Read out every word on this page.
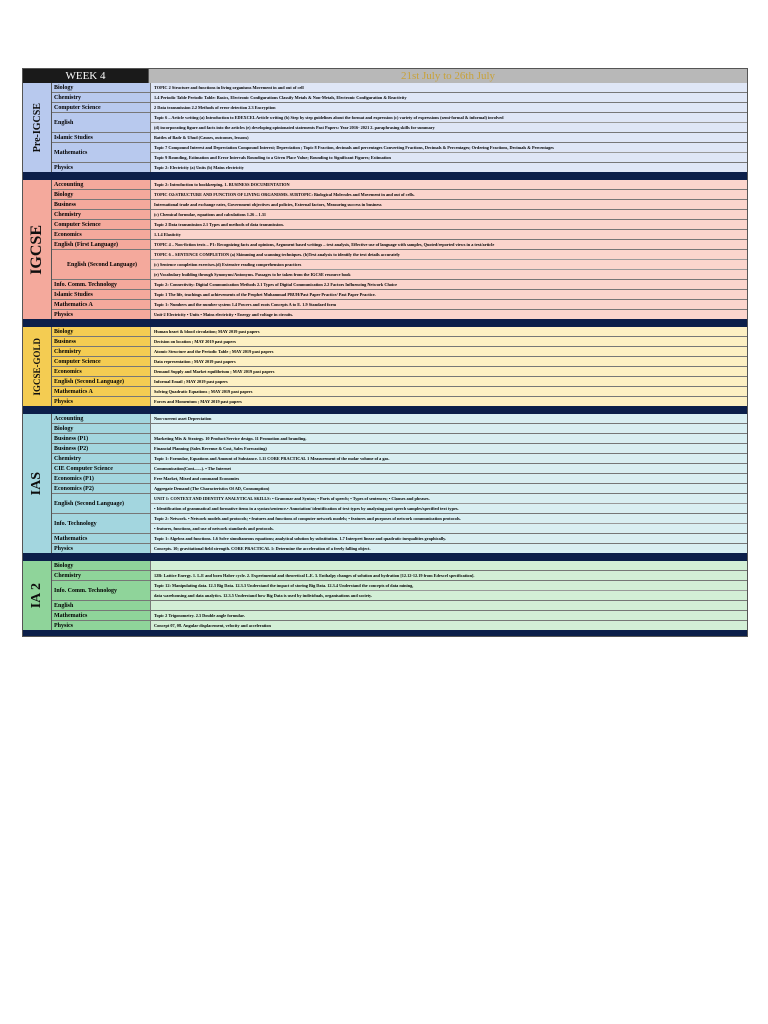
WEEK 4	21st July to 26th July
Pre-IGCSE
Biology	TOPIC 2 Structure and functions in living organisms Movement in and out of cell
Chemistry	1.4 Periodic Table Periodic Table: Basics, Electronic Configurations Classify Metals & Non-Metals, Electronic Configuration & Reactivity
Computer Science	2 Data transmission 2.2 Methods of error detection 2.3 Encryption
English
Topic 6 – Article writing (a) Introduction to EDEXCEL Article writing (b) Step by step guidelines about the format and expression (c) variety of expressions (semi-formal & informal) involved
(d) incorporating figure and facts into the articles (e) developing opinionated statements Past Papers: Year 2016- 2021 2. paraphrasing skills for summary
Islamic Studies	Battles of Badr & Uhud (Causes, outcomes, lessons)
Mathematics
Topic 7 Compound Interest and Depreciation Compound Interest; Depreciation ; Topic 8 Fraction, decimals and percentages Converting Fractions, Decimals & Percentages; Ordering Fractions, Decimals & Percentages
Topic 9 Rounding, Estimation and Error Intervals Rounding to a Given Place Value; Rounding to Significant Figures; Estimation
Physics	Topic 2: Electricity (a) Units (b) Mains electricity
IGCSE
Accounting	Topic 2: Introduction to bookkeeping. 1. BUSINESS DOCUMENTATION
Biology	TOPIC O2:STRUCTURE AND FUNCTION OF LIVING ORGANISMS. SUBTOPIC: Biological Molecules and Movement in and out of cells.
Business	International trade and exchange rates, Government objectives and policies, External factors, Measuring success in business
Chemistry	(c) Chemical formulae, equations and calculations 1.26 – 1.31
Computer Science	Topic 2 Data transmission 2.1 Types and methods of data transmission.
Economics	1.1.4 Elasticity
English (First Language)	TOPIC 4 – Non-fiction texts – P1: Recognizing facts and opinions, Argument based writings – text analysis, Effective use of language with samples, Quoted/reported views in a text/article
English (Second Language)
TOPIC 6 – SENTENCE COMPLETION (a) Skimming and scanning techniques. (b)Text analysis to identify the text details accurately
(c) Sentence completion exercises.(d) Extensive reading comprehension practices
(e) Vocabulary building through Synonyms/Antonyms. Passages to be taken from the IGCSE resource book
Info. Comm. Technology	Topic 2: Connectivity: Digital Communication Methods 2.1 Types of Digital Communication 2.2 Factors Influencing Network Choice
Islamic Studies	Topic 1 The life, teachings and achievements of the Prophet Muhammad PBUH/Past Paper Practice/ Past Paper Practice.
Mathematics A	Topic 1: Numbers and the number system 1.4 Powers and roots Concepts A to E. 1.9 Standard form
Physics	Unit-2 Electricity • Units • Mains electricity • Energy and voltage in circuits.
IGCSE-GOLD
Biology	Human heart & blood circulation; MAY 2019 past papers
Business	Decision on location ; MAY 2019 past papers
Chemistry	Atomic Structure and the Periodic Table ; MAY 2019 past papers
Computer Science	Data representation ; MAY 2019 past papers
Economics	Demand Supply and Market equilibrium ; MAY 2019 past papers
English (Second Language)	Informal Email ; MAY 2019 past papers
Mathematics A	Solving Quadratic Equations ; MAY 2019 past papers
Physics	Forces and Momentum ; MAY 2019 past papers
IAS
Accounting	Non-current asset Depreciation
Biology
Business (P1)	Marketing Mix & Strategy. 10 Product/Service design. 11 Promotion and branding.
Business (P2)	Financial Planning (Sales Revenue & Cost, Sales Forecasting)
Chemistry	Topic 1: Formulae, Equations and Amount of Substance. 1.11 CORE PRACTICAL 1 Measurement of the molar volume of a gas.
CIE Computer Science	Communication(Cont.......). • The Internet
Economics (P1)	Free Market, Mixed and command Economies
Economics (P2)	Aggregate Demand (The Characteristics Of AD, Consumption)
English (Second Language)
UNIT 1: CONTEXT AND IDENTITY ANALYTICAL SKILLS: • Grammar and Syntax; • Parts of speech; • Types of sentences; • Clauses and phrases.
• Identification of grammatical and formative items in a syntax/sentence.• Annotation/ identification of text types by analysing past speech samples/specified text types.
Info. Technology
Topic 2: Network. • Network models and protocols; • features and functions of computer network models; • features and purposes of network communication protocols.
• features, functions, and use of network standards and protocols.
Mathematics	Topic 1: Algebra and functions. 1.6 Solve simultaneous equations; analytical solution by substitution. 1.7 Interpret linear and quadratic inequalities graphically.
Physics	Concepts. 10; gravitational field strength. CORE PRACTICAL 1: Determine the acceleration of a freely falling object.
IA 2
Biology
Chemistry	12B: Lattice Energy. 1. L.E and born Haber cycle. 2. Experimental and theoretical L.E. 3. Enthalpy changes of solution and hydration [12.12-12.19 from Edexcel specification].
Info. Comm. Technology
Topic 12: Manipulating data. 12.3 Big Data. 12.3.3 Understand the impact of storing Big Data. 12.3.4 Understand the concepts of data mining,
data warehousing and data analytics. 12.3.5 Understand how Big Data is used by individuals, organisations and society.
English
Mathematics	Topic 2 Trigonometry. 2.3 Double angle formulae.
Physics	Concept 07, 08. Angular displacement, velocity and acceleration
